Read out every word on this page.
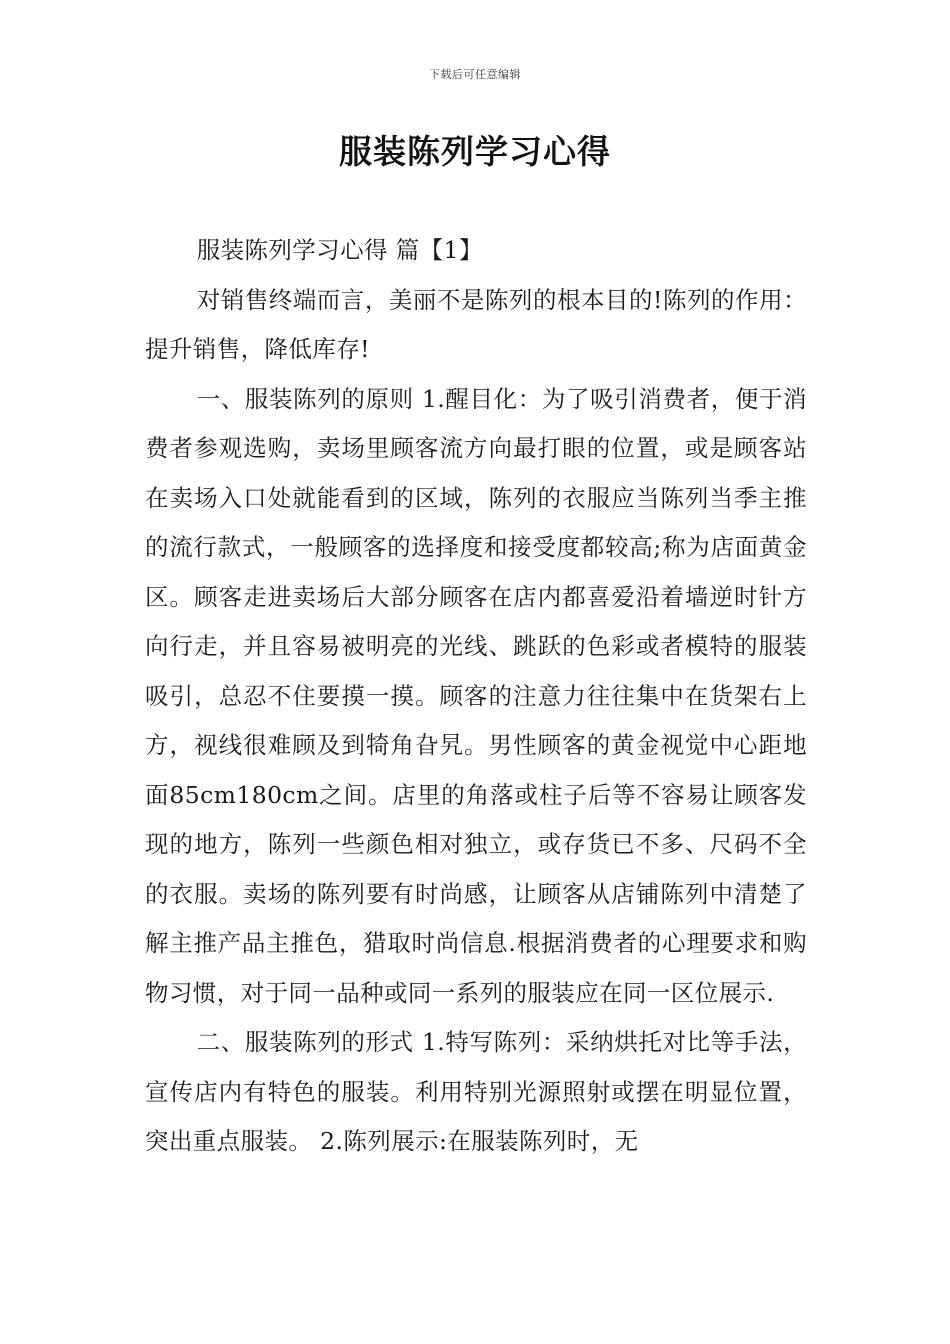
下载后可任意编辑
服装陈列学习心得

服装陈列学习心得 篇【1】

对销售终端而言，美丽不是陈列的根本目的!陈列的作用：提升销售，降低库存!

一、服装陈列的原则 1.醒目化：为了吸引消费者，便于消费者参观选购，卖场里顾客流方向最打眼的位置，或是顾客站在卖场入口处就能看到的区域，陈列的衣服应当陈列当季主推的流行款式，一般顾客的选择度和接受度都较高;称为店面黄金区。顾客走进卖场后大部分顾客在店内都喜爱沿着墙逆时针方向行走，并且容易被明亮的光线、跳跃的色彩或者模特的服装吸引，总忍不住要摸一摸。顾客的注意力往往集中在货架右上方，视线很难顾及到犄角旮旯。男性顾客的黄金视觉中心距地面85cm180cm之间。店里的角落或柱子后等不容易让顾客发现的地方，陈列一些颜色相对独立，或存货已不多、尺码不全的衣服。卖场的陈列要有时尚感，让顾客从店铺陈列中清楚了解主推产品主推色，猎取时尚信息.根据消费者的心理要求和购物习惯，对于同一品种或同一系列的服装应在同一区位展示.

二、服装陈列的形式 1.特写陈列：采纳烘托对比等手法，宣传店内有特色的服装。利用特别光源照射或摆在明显位置，突出重点服装。 2.陈列展示:在服装陈列时，无
